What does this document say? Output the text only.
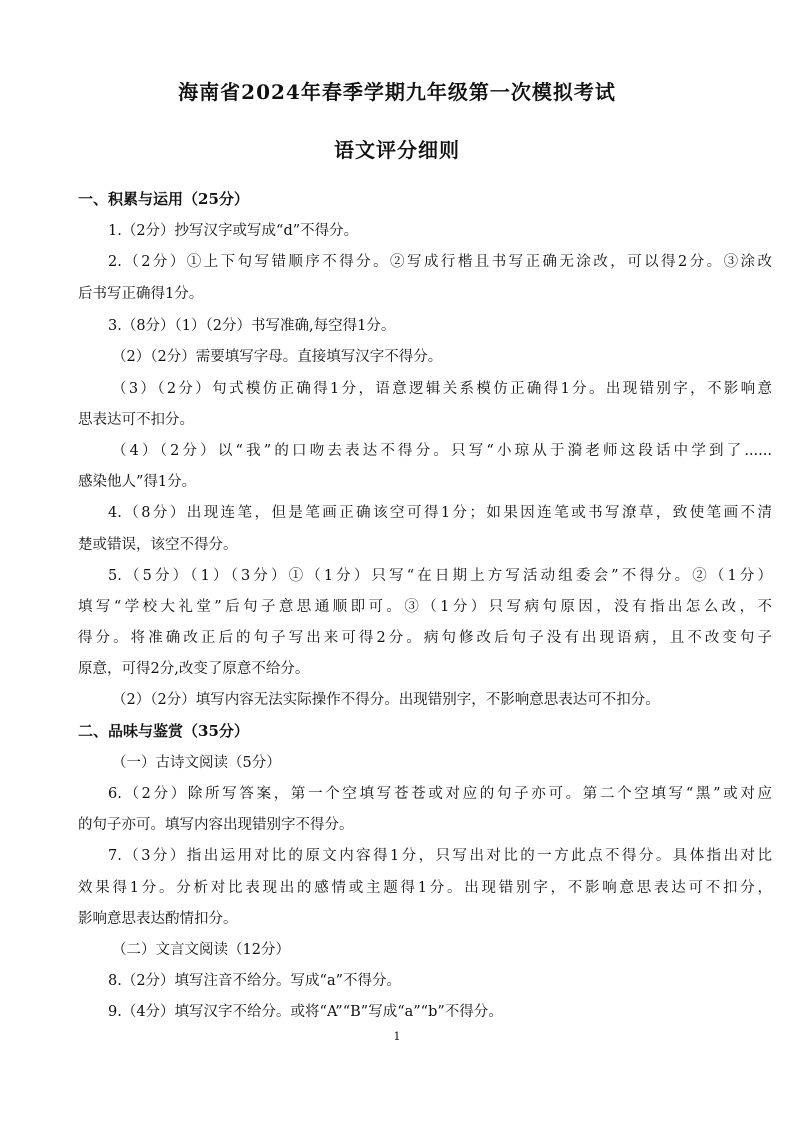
海南省2024年春季学期九年级第一次模拟考试
语文评分细则
一、积累与运用（25分）
1.（2分）抄写汉字或写成“d”不得分。
2.（2分）①上下句写错顺序不得分。②写成行楷且书写正确无涂改，可以得2分。③涂改
后书写正确得1分。
3.（8分）（1）（2分）书写准确,每空得1分。
（2）（2分）需要填写字母。直接填写汉字不得分。
（3）（2分）句式模仿正确得1分，语意逻辑关系模仿正确得1分。出现错别字，不影响意
思表达可不扣分。
（4）（2分）以“我”的口吻去表达不得分。只写“小琼从于漪老师这段话中学到了......
感染他人”得1分。
4.（8分）出现连笔，但是笔画正确该空可得1分；如果因连笔或书写潦草，致使笔画不清
楚或错误，该空不得分。
5.（5分）（1）（3分）①（1分）只写“在日期上方写活动组委会”不得分。②（1分）
填写“学校大礼堂”后句子意思通顺即可。③（1分）只写病句原因，没有指出怎么改，不
得分。将准确改正后的句子写出来可得2分。病句修改后句子没有出现语病，且不改变句子
原意，可得2分,改变了原意不给分。
（2）（2分）填写内容无法实际操作不得分。出现错别字，不影响意思表达可不扣分。
二、品味与鉴赏（35分）
（一）古诗文阅读（5分）
6.（2分）除所写答案，第一个空填写苍苍或对应的句子亦可。第二个空填写“黑”或对应
的句子亦可。填写内容出现错别字不得分。
7.（3分）指出运用对比的原文内容得1分，只写出对比的一方此点不得分。具体指出对比
效果得1分。分析对比表现出的感情或主题得1分。出现错别字，不影响意思表达可不扣分，
影响意思表达酌情扣分。
（二）文言文阅读（12分）
8.（2分）填写注音不给分。写成“a”不得分。
9.（4分）填写汉字不给分。或将“A”“B”写成“a”“b”不得分。
1
